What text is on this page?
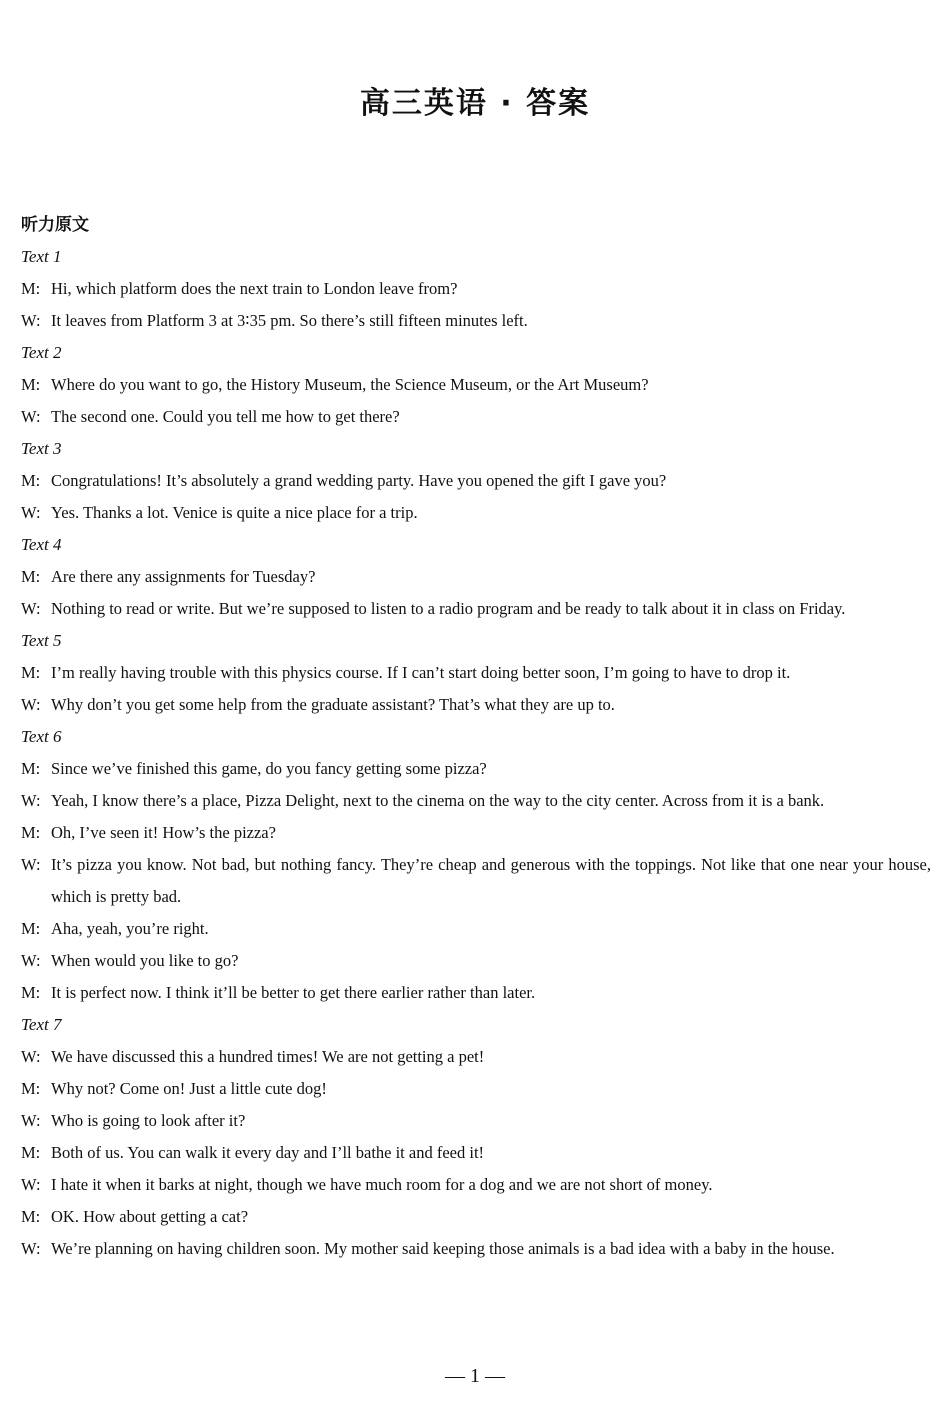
高三英语 · 答案
听力原文
Text 1
M: Hi, which platform does the next train to London leave from?
W: It leaves from Platform 3 at 3∶35 pm. So there’s still fifteen minutes left.
Text 2
M: Where do you want to go, the History Museum, the Science Museum, or the Art Museum?
W: The second one. Could you tell me how to get there?
Text 3
M: Congratulations! It’s absolutely a grand wedding party. Have you opened the gift I gave you?
W: Yes. Thanks a lot. Venice is quite a nice place for a trip.
Text 4
M: Are there any assignments for Tuesday?
W: Nothing to read or write. But we’re supposed to listen to a radio program and be ready to talk about it in class on Friday.
Text 5
M: I’m really having trouble with this physics course. If I can’t start doing better soon, I’m going to have to drop it.
W: Why don’t you get some help from the graduate assistant? That’s what they are up to.
Text 6
M: Since we’ve finished this game, do you fancy getting some pizza?
W: Yeah, I know there’s a place, Pizza Delight, next to the cinema on the way to the city center. Across from it is a bank.
M: Oh, I’ve seen it! How’s the pizza?
W: It’s pizza you know. Not bad, but nothing fancy. They’re cheap and generous with the toppings. Not like that one near your house, which is pretty bad.
M: Aha, yeah, you’re right.
W: When would you like to go?
M: It is perfect now. I think it’ll be better to get there earlier rather than later.
Text 7
W: We have discussed this a hundred times! We are not getting a pet!
M: Why not? Come on! Just a little cute dog!
W: Who is going to look after it?
M: Both of us. You can walk it every day and I’ll bathe it and feed it!
W: I hate it when it barks at night, though we have much room for a dog and we are not short of money.
M: OK. How about getting a cat?
W: We’re planning on having children soon. My mother said keeping those animals is a bad idea with a baby in the house.
— 1 —
